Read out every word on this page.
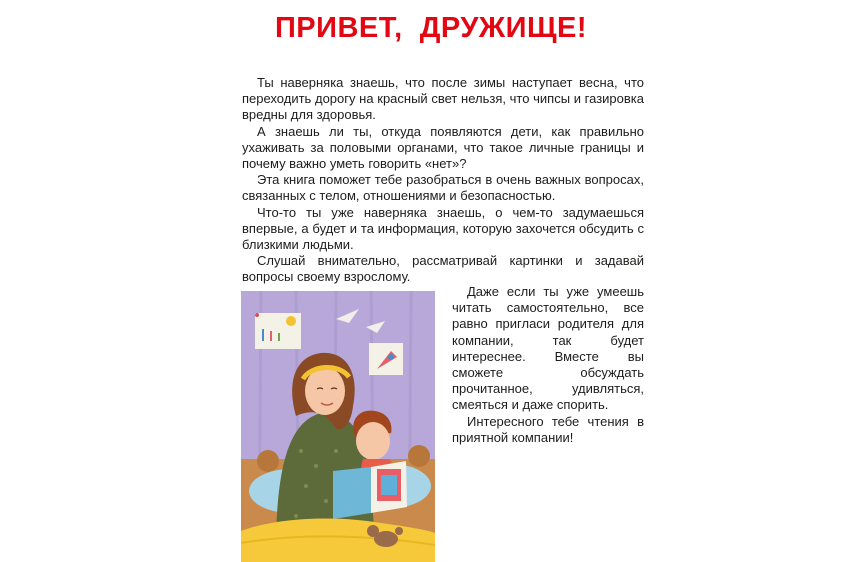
ПРИВЕТ,  ДРУЖИЩЕ!

Ты наверняка знаешь, что после зимы наступает весна, что переходить дорогу на красный свет нельзя, что чипсы и газировка вредны для здоровья.

А знаешь ли ты, откуда появляются дети, как правильно ухаживать за половыми органами, что такое личные границы и почему важно уметь говорить «нет»?

Эта книга поможет тебе разобраться в очень важных вопросах, связанных с телом, отношениями и безопасностью.

Что-то ты уже наверняка знаешь, о чем-то задумаешься впервые, а будет и та информация, которую захочется обсудить с близкими людьми.

Слушай внимательно, рассматривай картинки и задавай вопросы своему взрослому.

Даже если ты уже умеешь читать самостоятельно, все равно пригласи родителя для компании, так будет интереснее. Вместе вы сможете обсуждать прочитанное, удивляться, смеяться и даже спорить.

Интересного тебе чтения в приятной компании!
